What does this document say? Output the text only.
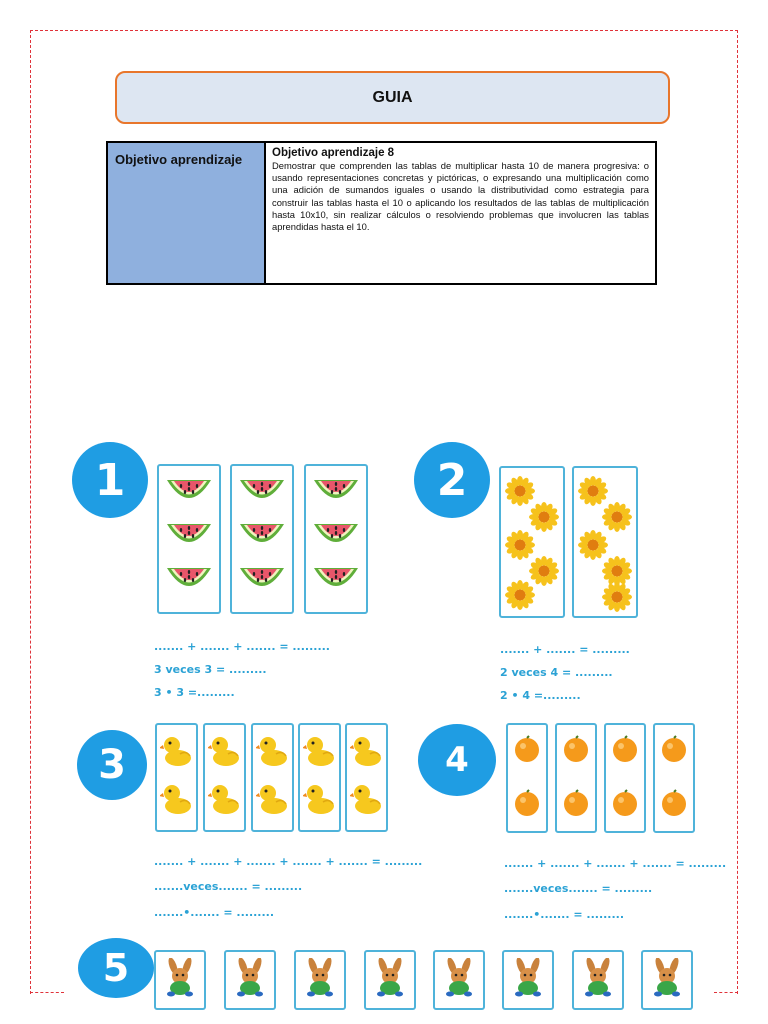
GUIA
Objetivo aprendizaje	Objetivo aprendizaje 8
Demostrar que comprenden las tablas de multiplicar hasta 10 de manera progresiva: o usando representaciones concretas y pictóricas, o expresando una multiplicación como una adición de sumandos iguales o usando la distributividad como estrategia para construir las tablas hasta el 10 o aplicando los resultados de las tablas de multiplicación hasta 10x10, sin realizar cálculos o resolviendo problemas que involucren las tablas aprendidas hasta el 10.
1
....... + ....... + ....... = .........
3 veces 3 = .........
3 • 3 =.........
2
....... + ....... = .........
2 veces 4 = .........
2 • 4 =.........
3
....... + ....... + ....... + ....... + ....... = .........
.......veces....... = .........
.......•....... = .........
4
....... + ....... + ....... + ....... = .........
.......veces....... = .........
.......•....... = .........
5
